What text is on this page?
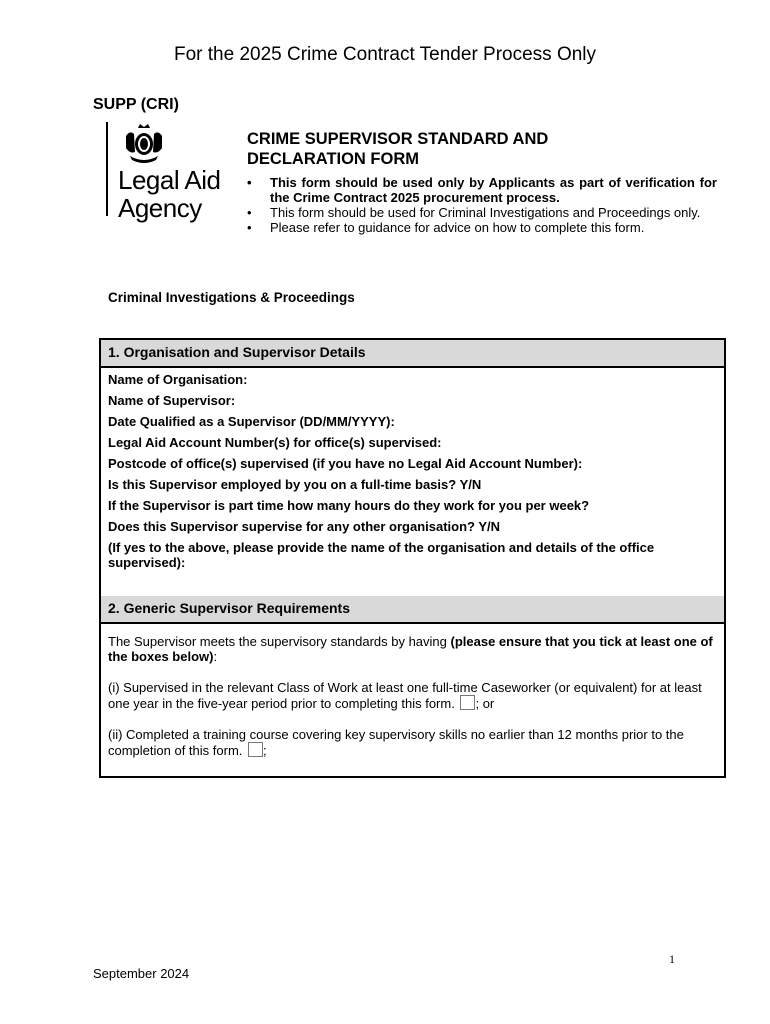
For the 2025 Crime Contract Tender Process Only
SUPP (CRI)
Legal Aid
Agency
CRIME SUPERVISOR STANDARD AND
DECLARATION FORM
• This form should be used only by Applicants as part of verification for the Crime Contract 2025 procurement process.
• This form should be used for Criminal Investigations and Proceedings only.
• Please refer to guidance for advice on how to complete this form.
Criminal Investigations & Proceedings
1. Organisation and Supervisor Details
Name of Organisation:
Name of Supervisor:
Date Qualified as a Supervisor (DD/MM/YYYY):
Legal Aid Account Number(s) for office(s) supervised:
Postcode of office(s) supervised (if you have no Legal Aid Account Number):
Is this Supervisor employed by you on a full-time basis? Y/N
If the Supervisor is part time how many hours do they work for you per week?
Does this Supervisor supervise for any other organisation? Y/N
(If yes to the above, please provide the name of the organisation and details of the office supervised):
2. Generic Supervisor Requirements

The Supervisor meets the supervisory standards by having (please ensure that you tick at least one of the boxes below):

(i) Supervised in the relevant Class of Work at least one full-time Caseworker (or equivalent) for at least one year in the five-year period prior to completing this form. ; or

(ii) Completed a training course covering key supervisory skills no earlier than 12 months prior to the completion of this form. ;

1
September 2024
